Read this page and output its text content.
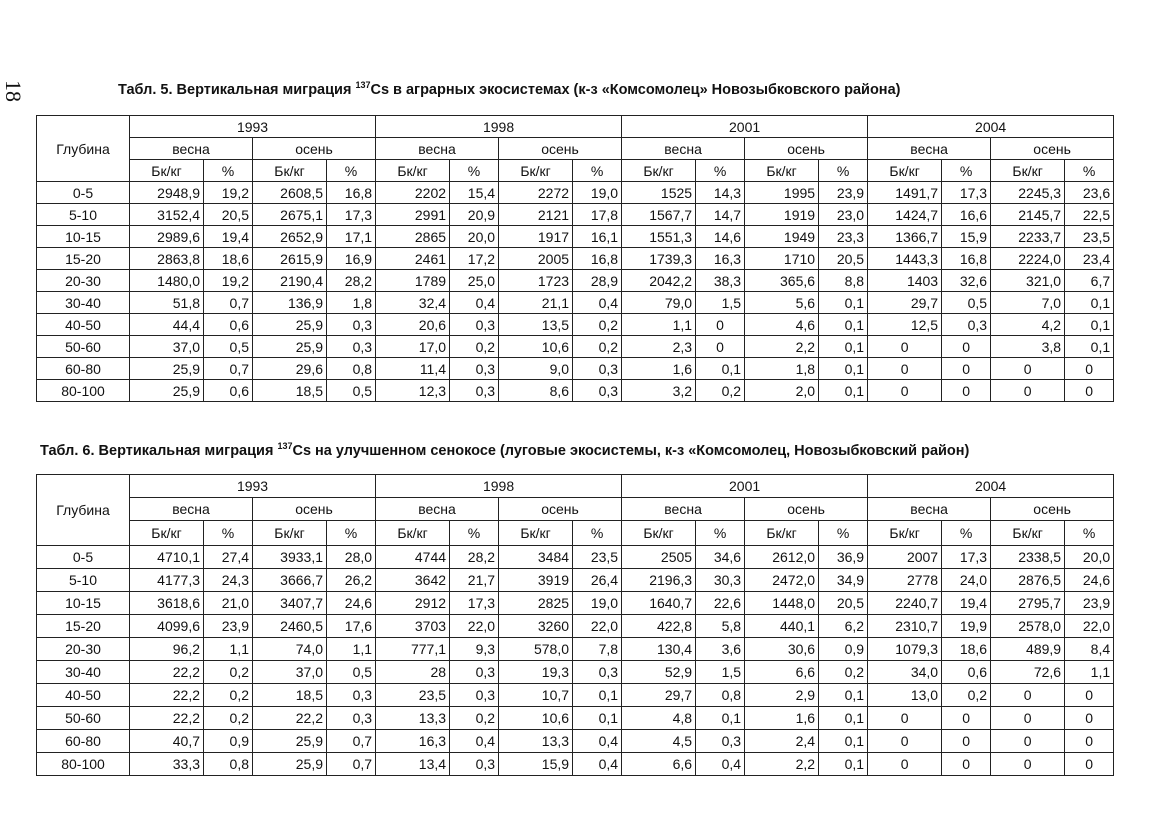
18	Табл. 5. Вертикальная миграция $^{137}$Cs в аграрных экосистемах (к-з «Комсомолец» Новозыбковского района)
Глубина	1993				1998				2001				2004			
	весна		осень		весна		осень		весна		осень		весна		осень	
	Бк/кг	%	Бк/кг	%	Бк/кг	%	Бк/кг	%	Бк/кг	%	Бк/кг	%	Бк/кг	%	Бк/кг	%
0-5	2948,9	19,2	2608,5	16,8	2202	15,4	2272	19,0	1525	14,3	1995	23,9	1491,7	17,3	2245,3	23,6
5-10	3152,4	20,5	2675,1	17,3	2991	20,9	2121	17,8	1567,7	14,7	1919	23,0	1424,7	16,6	2145,7	22,5
10-15	2989,6	19,4	2652,9	17,1	2865	20,0	1917	16,1	1551,3	14,6	1949	23,3	1366,7	15,9	2233,7	23,5
15-20	2863,8	18,6	2615,9	16,9	2461	17,2	2005	16,8	1739,3	16,3	1710	20,5	1443,3	16,8	2224,0	23,4
20-30	1480,0	19,2	2190,4	28,2	1789	25,0	1723	28,9	2042,2	38,3	365,6	8,8	1403	32,6	321,0	6,7
30-40	51,8	0,7	136,9	1,8	32,4	0,4	21,1	0,4	79,0	1,5	5,6	0,1	29,7	0,5	7,0	0,1
40-50	44,4	0,6	25,9	0,3	20,6	0,3	13,5	0,2	1,1	0	4,6	0,1	12,5	0,3	4,2	0,1
50-60	37,0	0,5	25,9	0,3	17,0	0,2	10,6	0,2	2,3	0	2,2	0,1	0	0	3,8	0,1
60-80	25,9	0,7	29,6	0,8	11,4	0,3	9,0	0,3	1,6	0,1	1,8	0,1	0	0	0	0
80-100	25,9	0,6	18,5	0,5	12,3	0,3	8,6	0,3	3,2	0,2	2,0	0,1	0	0	0	0
Табл. 6. Вертикальная миграция $^{137}$Cs на улучшенном сенокосе (луговые экосистемы, к-з «Комсомолец, Новозыбковский район)
Глубина	1993				1998				2001				2004			
	весна		осень		весна		осень		весна		осень		весна		осень	
	Бк/кг	%	Бк/кг	%	Бк/кг	%	Бк/кг	%	Бк/кг	%	Бк/кг	%	Бк/кг	%	Бк/кг	%
0-5	4710,1	27,4	3933,1	28,0	4744	28,2	3484	23,5	2505	34,6	2612,0	36,9	2007	17,3	2338,5	20,0
5-10	4177,3	24,3	3666,7	26,2	3642	21,7	3919	26,4	2196,3	30,3	2472,0	34,9	2778	24,0	2876,5	24,6
10-15	3618,6	21,0	3407,7	24,6	2912	17,3	2825	19,0	1640,7	22,6	1448,0	20,5	2240,7	19,4	2795,7	23,9
15-20	4099,6	23,9	2460,5	17,6	3703	22,0	3260	22,0	422,8	5,8	440,1	6,2	2310,7	19,9	2578,0	22,0
20-30	96,2	1,1	74,0	1,1	777,1	9,3	578,0	7,8	130,4	3,6	30,6	0,9	1079,3	18,6	489,9	8,4
30-40	22,2	0,2	37,0	0,5	28	0,3	19,3	0,3	52,9	1,5	6,6	0,2	34,0	0,6	72,6	1,1
40-50	22,2	0,2	18,5	0,3	23,5	0,3	10,7	0,1	29,7	0,8	2,9	0,1	13,0	0,2	0	0
50-60	22,2	0,2	22,2	0,3	13,3	0,2	10,6	0,1	4,8	0,1	1,6	0,1	0	0	0	0
60-80	40,7	0,9	25,9	0,7	16,3	0,4	13,3	0,4	4,5	0,3	2,4	0,1	0	0	0	0
80-100	33,3	0,8	25,9	0,7	13,4	0,3	15,9	0,4	6,6	0,4	2,2	0,1	0	0	0	0
